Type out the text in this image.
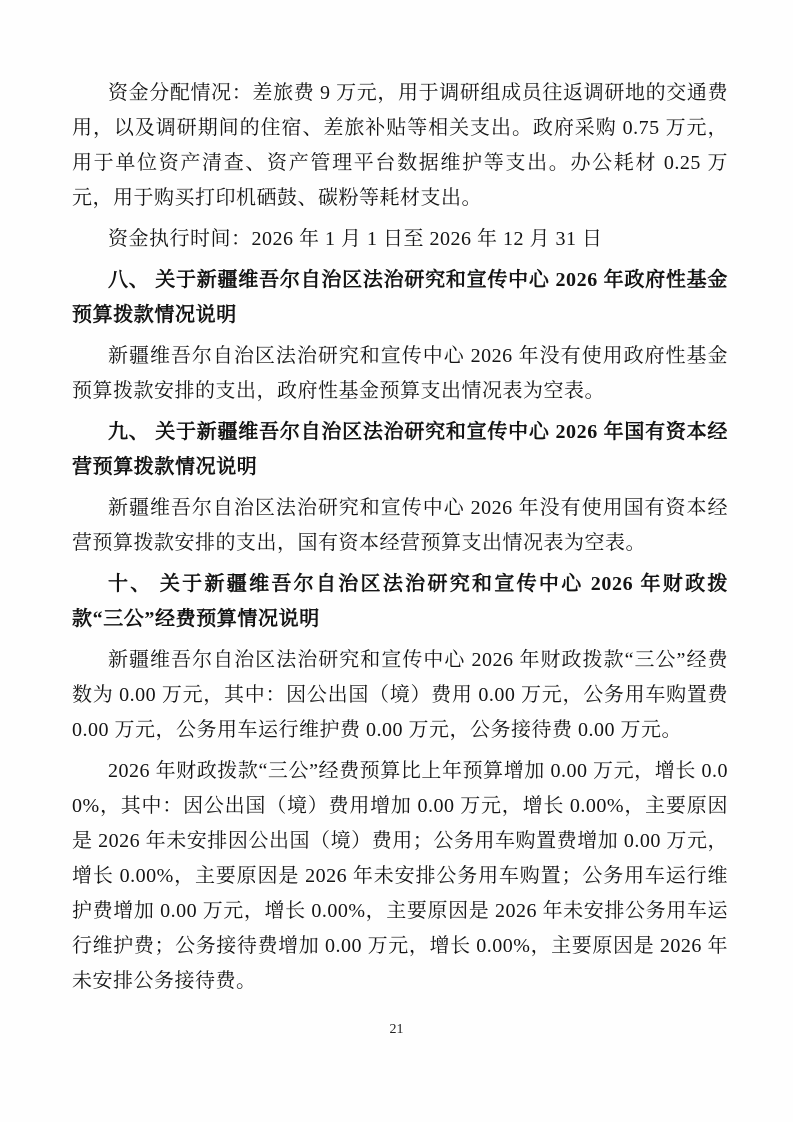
资金分配情况：差旅费 9 万元，用于调研组成员往返调研地的交通费用，以及调研期间的住宿、差旅补贴等相关支出。政府采购 0.75 万元，用于单位资产清查、资产管理平台数据维护等支出。办公耗材 0.25 万元，用于购买打印机硒鼓、碳粉等耗材支出。

资金执行时间：2026 年 1 月 1 日至 2026 年 12 月 31 日

八、 关于新疆维吾尔自治区法治研究和宣传中心 2026 年政府性基金预算拨款情况说明

新疆维吾尔自治区法治研究和宣传中心 2026 年没有使用政府性基金预算拨款安排的支出，政府性基金预算支出情况表为空表。

九、 关于新疆维吾尔自治区法治研究和宣传中心 2026 年国有资本经营预算拨款情况说明

新疆维吾尔自治区法治研究和宣传中心 2026 年没有使用国有资本经营预算拨款安排的支出，国有资本经营预算支出情况表为空表。

十、 关于新疆维吾尔自治区法治研究和宣传中心 2026 年财政拨款“三公”经费预算情况说明

新疆维吾尔自治区法治研究和宣传中心 2026 年财政拨款“三公”经费数为 0.00 万元，其中：因公出国（境）费用 0.00 万元，公务用车购置费 0.00 万元，公务用车运行维护费 0.00 万元，公务接待费 0.00 万元。

2026 年财政拨款“三公”经费预算比上年预算增加 0.00 万元，增长 0.00%，其中：因公出国（境）费用增加 0.00 万元，增长 0.00%，主要原因是 2026 年未安排因公出国（境）费用；公务用车购置费增加 0.00 万元，增长 0.00%，主要原因是 2026 年未安排公务用车购置；公务用车运行维护费增加 0.00 万元，增长 0.00%，主要原因是 2026 年未安排公务用车运行维护费；公务接待费增加 0.00 万元，增长 0.00%，主要原因是 2026 年未安排公务接待费。

21
